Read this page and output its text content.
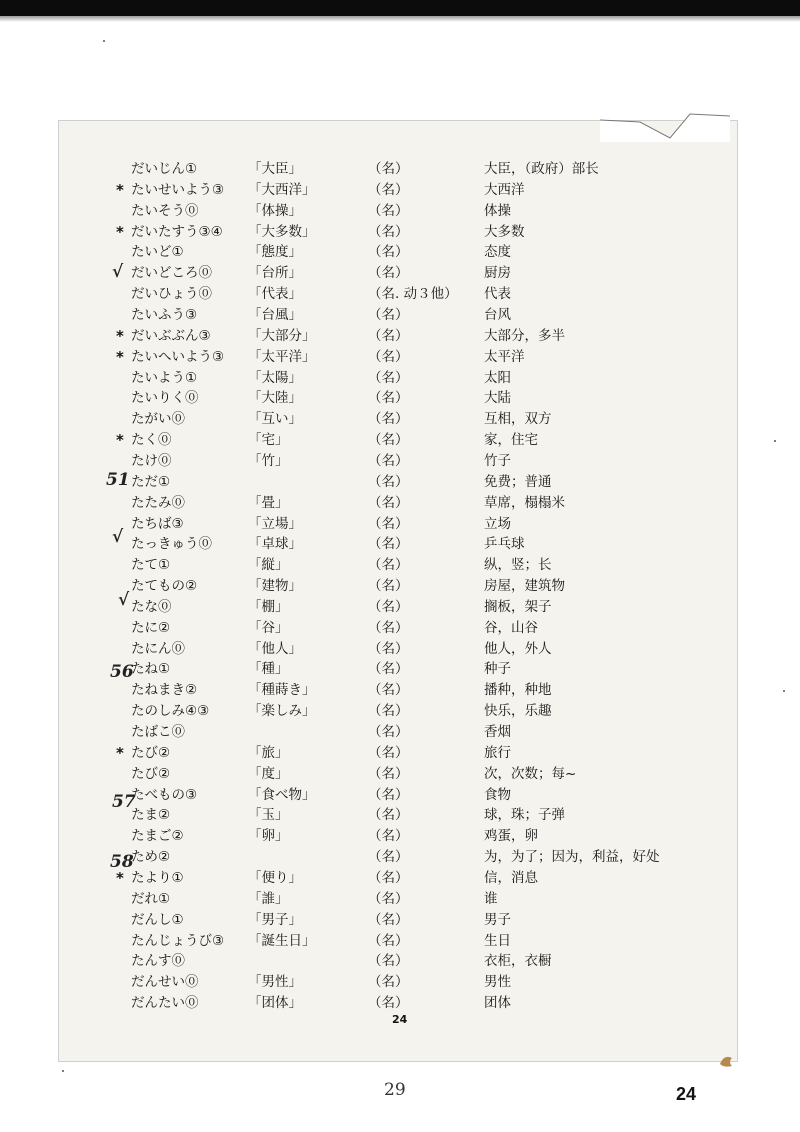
だいじん①	「大臣」	（名）	大臣，（政府）部长
* たいせいよう③ 「大西洋」	（名）	大西洋
たいそう⓪	「体操」	（名）	体操
* だいたすう③④ 「大多数」	（名）	大多数
たいど①	「態度」	（名）	态度
だいどころ⓪	「台所」	（名）	厨房
だいひょう⓪	「代表」	（名. 动３他） 代表
たいふう③	「台風」	（名）	台风
* だいぶぶん③	「大部分」	（名）	大部分，多半
* たいへいよう③ 「太平洋」	（名）	太平洋
たいよう①	「太陽」	（名）	太阳
たいりく⓪	「大陸」	（名）	大陆
たがい⓪	「互い」	（名）	互相，双方
* たく⓪	「宅」	（名）	家，住宅
たけ⓪	「竹」	（名）	竹子
ただ①	（名）	免费；普通
たたみ⓪	「畳」	（名）	草席，榻榻米
たちば③	「立場」	（名）	立场
たっきゅう⓪	「卓球」	（名）	乒乓球
たて①	「縦」	（名）	纵，竖；长
たてもの②	「建物」	（名）	房屋，建筑物
たな⓪	「棚」	（名）	搁板，架子
たに②	「谷」	（名）	谷，山谷
たにん⓪	「他人」	（名）	他人，外人
たね①	「種」	（名）	种子
たねまき②	「種蒔き」	（名）	播种，种地
たのしみ④③	「楽しみ」	（名）	快乐，乐趣
たばこ⓪	（名）	香烟
* たび②	「旅」	（名）	旅行
たび②	「度」	（名）	次，次数；每~
たべもの③	「食べ物」	（名）	食物
たま②	「玉」	（名）	球，珠；子弹
たまご②	「卵」	（名）	鸡蛋，卵
ため②	（名）	为，为了；因为，利益，好处
* たより①	「便り」	（名）	信，消息
だれ①	「誰」	（名）	谁
だんし①	「男子」	（名）	男子
たんじょうび③ 「誕生日」	（名）	生日
たんす⓪	（名）	衣柜，衣橱
だんせい⓪	「男性」	（名）	男性
だんたい⓪	「团体」	（名）	团体
√
51
√
√
56
57
58
24
29	24
